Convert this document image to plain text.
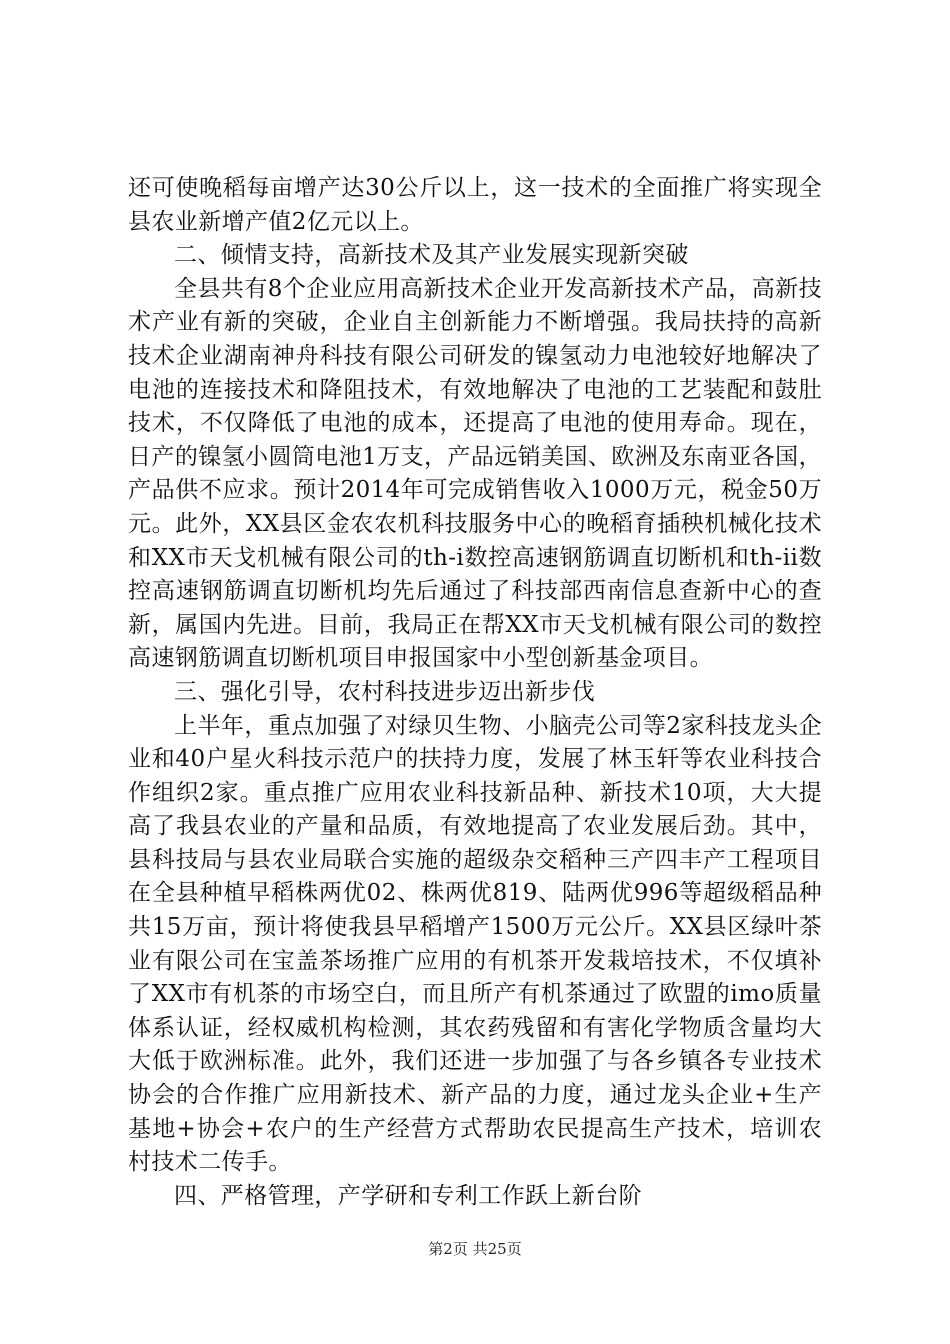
还可使晚稻每亩增产达30公斤以上，这一技术的全面推广将实现全县农业新增产值2亿元以上。

二、倾情支持，高新技术及其产业发展实现新突破

全县共有8个企业应用高新技术企业开发高新技术产品，高新技术产业有新的突破，企业自主创新能力不断增强。我局扶持的高新技术企业湖南神舟科技有限公司研发的镍氢动力电池较好地解决了电池的连接技术和降阻技术，有效地解决了电池的工艺装配和鼓肚技术，不仅降低了电池的成本，还提高了电池的使用寿命。现在，日产的镍氢小圆筒电池1万支，产品远销美国、欧洲及东南亚各国，产品供不应求。预计2014年可完成销售收入1000万元，税金50万元。此外，XX县区金农农机科技服务中心的晚稻育插秧机械化技术和XX市天戈机械有限公司的th-i数控高速钢筋调直切断机和th-ii数控高速钢筋调直切断机均先后通过了科技部西南信息查新中心的查新，属国内先进。目前，我局正在帮XX市天戈机械有限公司的数控高速钢筋调直切断机项目申报国家中小型创新基金项目。

三、强化引导，农村科技进步迈出新步伐

上半年，重点加强了对绿贝生物、小脑壳公司等2家科技龙头企业和40户星火科技示范户的扶持力度，发展了林玉轩等农业科技合作组织2家。重点推广应用农业科技新品种、新技术10项，大大提高了我县农业的产量和品质，有效地提高了农业发展后劲。其中，县科技局与县农业局联合实施的超级杂交稻种三产四丰产工程项目在全县种植早稻株两优02、株两优819、陆两优996等超级稻品种共15万亩，预计将使我县早稻增产1500万元公斤。XX县区绿叶茶业有限公司在宝盖茶场推广应用的有机茶开发栽培技术，不仅填补了XX市有机茶的市场空白，而且所产有机茶通过了欧盟的imo质量体系认证，经权威机构检测，其农药残留和有害化学物质含量均大大低于欧洲标准。此外，我们还进一步加强了与各乡镇各专业技术协会的合作推广应用新技术、新产品的力度，通过龙头企业+生产基地+协会+农户的生产经营方式帮助农民提高生产技术，培训农村技术二传手。

四、严格管理，产学研和专利工作跃上新台阶

第2页 共25页
